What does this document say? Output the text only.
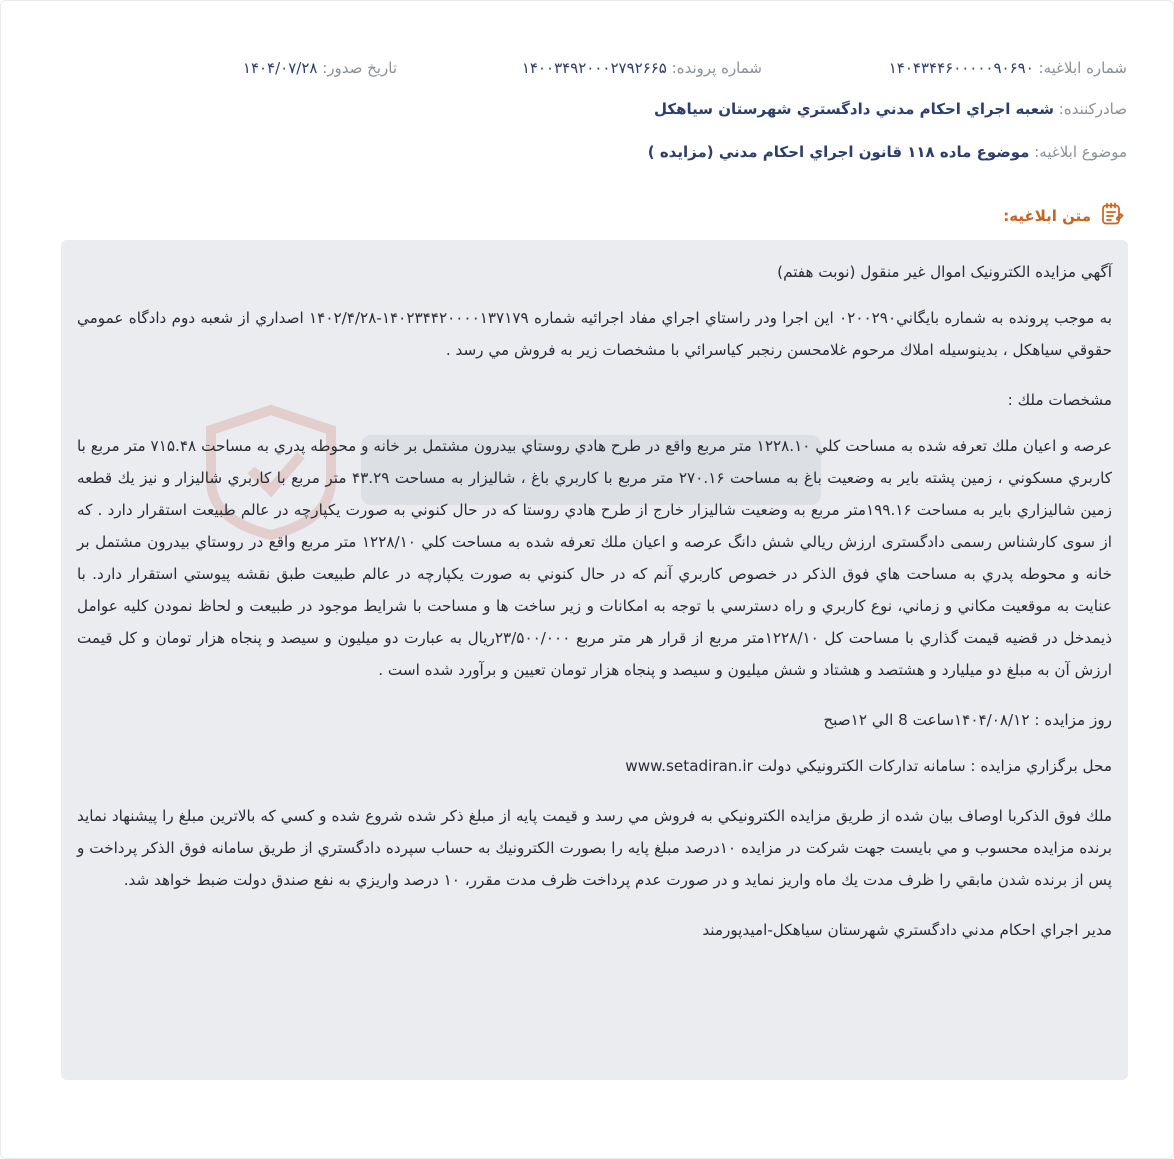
شماره ابلاغيه: ۱۴۰۴۳۴۴۶۰۰۰۰۰۹۰۶۹۰
شماره پرونده: ۱۴۰۰۳۴۹۲۰۰۰۲۷۹۲۶۶۵
تاريخ صدور: ۱۴۰۴/۰۷/۲۸
صادرکننده: شعبه اجراي احكام مدني دادگستري شهرستان سياهكل
موضوع ابلاغيه: موضوع ماده ۱۱۸ قانون اجراي احكام مدني (مزايده )
متن ابلاغيه:

آگهي مزايده الكترونيک اموال غير منقول (نوبت هفتم)

به موجب پرونده به شماره بايگاني۰۲۰۰۲۹۰ اين اجرا ودر راستاي اجراي مفاد اجرائيه شماره ۱۴۰۲۳۴۴۲۰۰۰۰۱۳۷۱۷۹-۱۴۰۲/۴/۲۸ اصداري از شعبه دوم دادگاه عمومي حقوقي سياهكل ، بدينوسيله املاك مرحوم غلامحسن رنجبر كياسرائي با مشخصات زير به فروش مي رسد .

مشخصات ملك :

عرصه و اعيان ملك تعرفه شده به مساحت كلي ۱۲۲۸.۱۰ متر مربع واقع در طرح هادي روستاي بيدرون مشتمل بر خانه و محوطه پدري به مساحت ۷۱۵.۴۸ متر مربع با كاربري مسكوني ، زمين پشته باير به وضعيت باغ به مساحت ۲۷۰.۱۶ متر مربع با كاربري باغ ، شاليزار به مساحت ۴۳.۲۹ متر مربع با كاربري شاليزار و نيز يك قطعه زمين شاليزاري باير به مساحت ۱۹۹.۱۶متر مربع به وضعيت شاليزار خارج از طرح هادي روستا كه در حال كنوني به صورت يكپارچه در عالم طبيعت استقرار دارد . كه از سوی كارشناس رسمی دادگستری ارزش ريالي شش دانگ عرصه و اعيان ملك تعرفه شده به مساحت كلي ۱۲۲۸/۱۰ متر مربع واقع در روستاي بيدرون مشتمل بر خانه و محوطه پدري به مساحت هاي فوق الذكر در خصوص كاربري آنم كه در حال كنوني به صورت يكپارچه در عالم طبيعت طبق نقشه پيوستي استقرار دارد. با عنايت به موقعيت مكاني و زماني، نوع كاربري و راه دسترسي با توجه به امكانات و زير ساخت ها و مساحت با شرايط موجود در طبيعت و لحاظ نمودن كليه عوامل ذيمدخل در قضيه قيمت گذاري با مساحت كل ۱۲۲۸/۱۰متر مربع از قرار هر متر مربع ۲۳/۵۰۰/۰۰۰ريال به عبارت دو ميليون و سيصد و پنجاه هزار تومان و كل قيمت ارزش آن به مبلغ دو ميليارد و هشتصد و هشتاد و شش ميليون و سيصد و پنجاه هزار تومان تعيين و برآورد شده است .

روز مزايده : ۱۴۰۴/۰۸/۱۲ساعت 8 الي ۱۲صبح

محل برگزاري مزايده : سامانه تداركات الكترونيكي دولت www.setadiran.ir

ملك فوق الذكربا اوصاف بيان شده از طريق مزايده الكترونيكي به فروش مي رسد و قيمت پايه از مبلغ ذكر شده شروع شده و كسي كه بالاترين مبلغ را پيشنهاد نمايد برنده مزايده محسوب و مي بايست جهت شركت در مزايده ۱۰درصد مبلغ پايه را بصورت الكترونيك به حساب سپرده دادگستري از طريق سامانه فوق الذكر پرداخت و پس از برنده شدن مابقي را ظرف مدت يك ماه واريز نمايد و در صورت عدم پرداخت ظرف مدت مقرر، ۱۰ درصد واريزي به نفع صندق دولت ضبط خواهد شد.

مدير اجراي احكام مدني دادگستري شهرستان سياهكل-اميدپورمند
